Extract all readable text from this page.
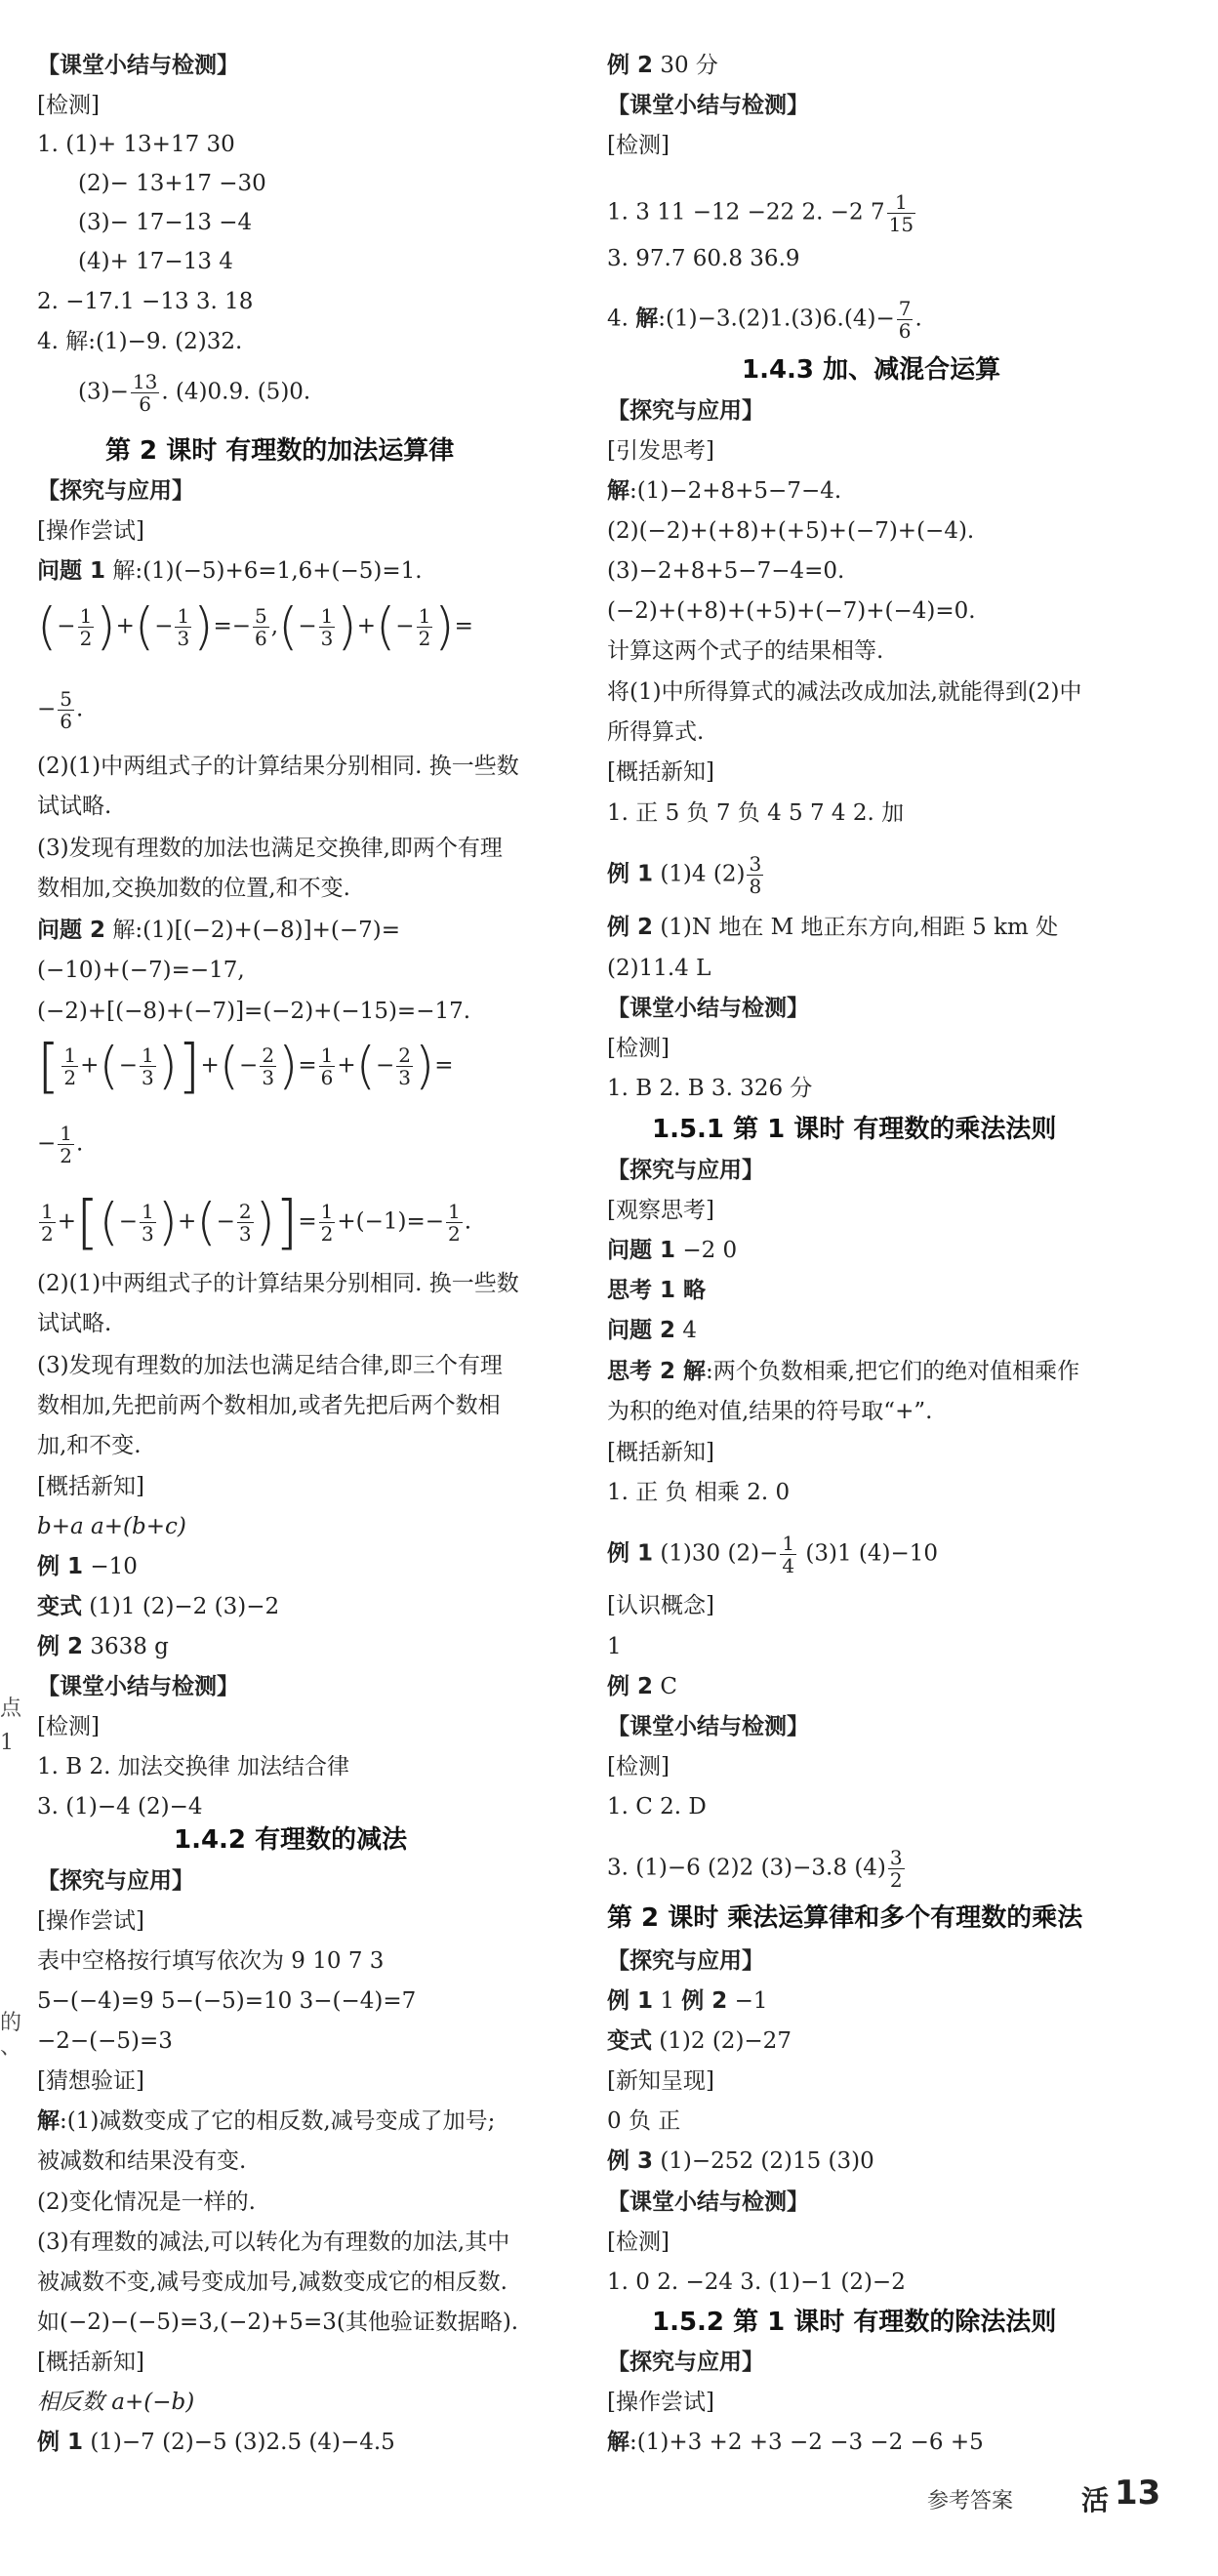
【课堂小结与检测】
[检测]
1. (1)+ 13+17 30
(2)− 13+17 −30
(3)− 17−13 −4
(4)+ 17−13 4
2. −17.1 −13 3. 18
4. 解:(1)−9. (2)32.
$(3)- \frac{13}{6}$ . (4)0.9. (5)0.
第 2 课时 有理数的加法运算律
【探究与应用】
[操作尝试]
问题 1 解:(1)(−5)+6=1,6+(−5)=1.
(− $\frac{1}{2}$ )+(− $\frac{1}{3}$ )=− $\frac{5}{6}$ ,(− $\frac{1}{3}$ )+(− $\frac{1}{2}$ )=
− $\frac{5}{6}$ .
(2)(1)中两组式子的计算结果分别相同. 换一些数
试试略.
(3)发现有理数的加法也满足交换律,即两个有理
数相加,交换加数的位置,和不变.
问题 2 解:(1)[(−2)+(−8)]+(−7)=
(−10)+(−7)=−17,
(−2)+[(−8)+(−7)]=(−2)+(−15)=−17.
[ $\frac{1}{2}$ +(− $\frac{1}{3}$ )]+(− $\frac{2}{3}$ )= $\frac{1}{6}$ +(− $\frac{2}{3}$ )=
− $\frac{1}{2}$ .
$\frac{1}{2}$ +[(− $\frac{1}{3}$ )+(− $\frac{2}{3}$ )]= $\frac{1}{2} +(-1)=- \frac{1}{2}$ .
(2)(1)中两组式子的计算结果分别相同. 换一些数
试试略.
(3)发现有理数的加法也满足结合律,即三个有理
数相加,先把前两个数相加,或者先把后两个数相
加,和不变.
[概括新知]
b+a a+(b+c)
例 1 −10
变式 (1)1 (2)−2 (3)−2
例 2 3638 g
【课堂小结与检测】
[检测]
1. B 2. 加法交换律 加法结合律
3. (1)−4 (2)−4
1.4.2 有理数的减法
【探究与应用】
[操作尝试]
表中空格按行填写依次为 9 10 7 3
5−(−4)=9 5−(−5)=10 3−(−4)=7
−2−(−5)=3
[猜想验证]
解:(1)减数变成了它的相反数,减号变成了加号;
被减数和结果没有变.
(2)变化情况是一样的.
(3)有理数的减法,可以转化为有理数的加法,其中
被减数不变,减号变成加号,减数变成它的相反数.
如(−2)−(−5)=3,(−2)+5=3(其他验证数据略).
[概括新知]
相反数 a+(−b)
例 1 (1)−7 (2)−5 (3)2.5 (4)−4.5
例 2 30 分
【课堂小结与检测】
[检测]
1. 3 11 −12 −22 2. −2 $7 \frac{1}{15}$
3. 97.7 60.8 36.9
4. 解:(1)−3.(2)1.(3)6.(4)− $\frac{7}{6}$ .
1.4.3 加、减混合运算
【探究与应用】
[引发思考]
解:(1)−2+8+5−7−4.
(2)(−2)+(+8)+(+5)+(−7)+(−4).
(3)−2+8+5−7−4=0.
(−2)+(+8)+(+5)+(−7)+(−4)=0.
计算这两个式子的结果相等.
将(1)中所得算式的减法改成加法,就能得到(2)中
所得算式.
[概括新知]
1. 正 5 负 7 负 4 5 7 4 2. 加
例 1 (1)4 $(2) \frac{3}{8}$
例 2 (1)N 地在 M 地正东方向,相距 5 km 处
(2)11.4 L
【课堂小结与检测】
[检测]
1. B 2. B 3. 326 分
1.5.1 第 1 课时 有理数的乘法法则
【探究与应用】
[观察思考]
问题 1 −2 0
思考 1 略
问题 2 4
思考 2 解:两个负数相乘,把它们的绝对值相乘作
为积的绝对值,结果的符号取“+”.
[概括新知]
1. 正 负 相乘 2. 0
例 1 (1)30 $(2)- \frac{1}{4} (3)1$ (4)−10
[认识概念]
1
例 2 C
【课堂小结与检测】
[检测]
1. C 2. D
3. (1)−6 (2)2 (3)−3.8 $(4) \frac{3}{2}$
第 2 课时 乘法运算律和多个有理数的乘法
【探究与应用】
例 1 1 例 2 −1
变式 (1)2 (2)−27
[新知呈现]
0 负 正
例 3 (1)−252 (2)15 (3)0
【课堂小结与检测】
[检测]
1. 0 2. −24 3. (1)−1 (2)−2
1.5.2 第 1 课时 有理数的除法法则
【探究与应用】
[操作尝试]
解:(1)+3 +2 +3 −2 −3 −2 −6 +5
参考答案 活 13
点
1
的
、
